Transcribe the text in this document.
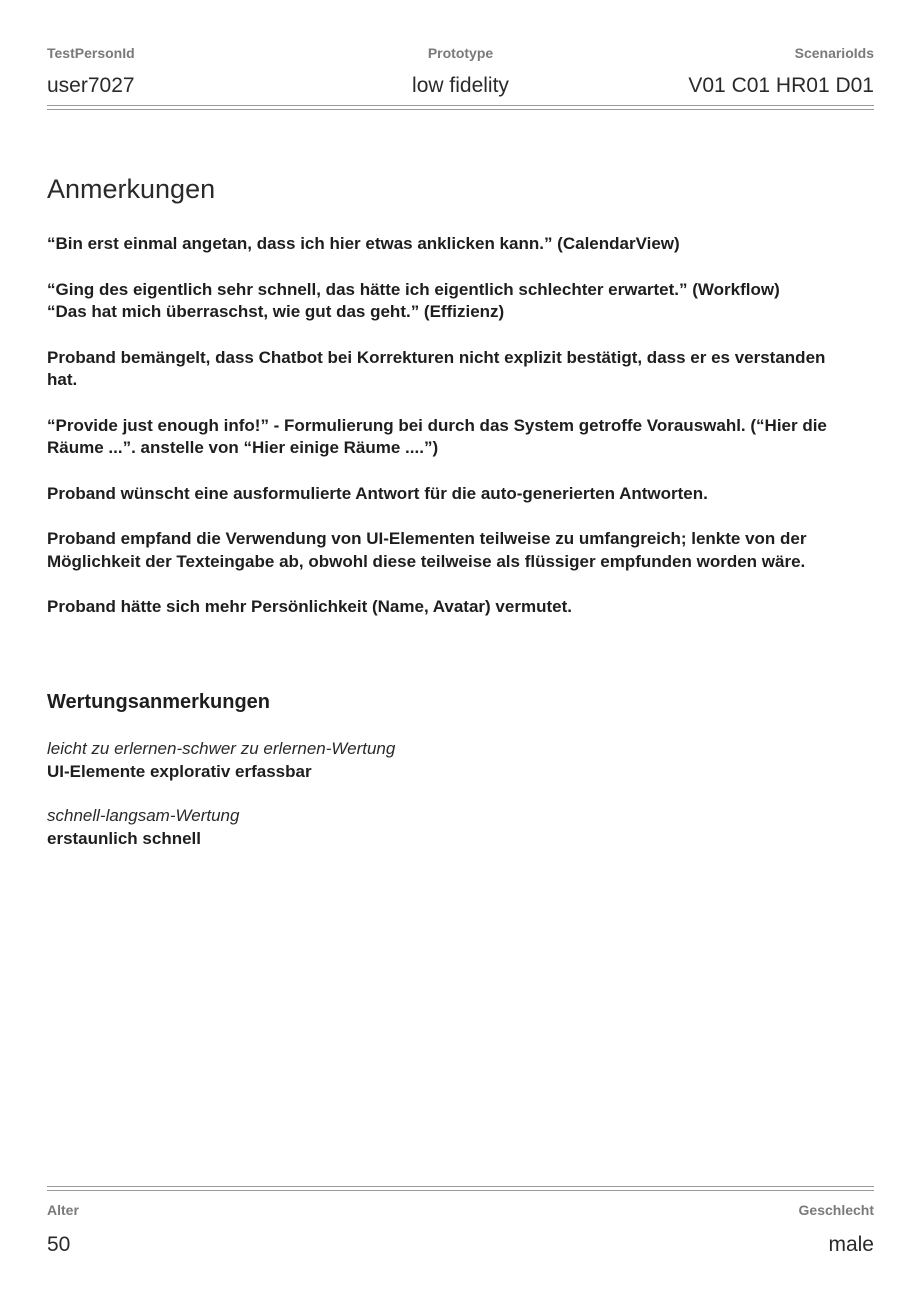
TestPersonId
user7027
Prototype
low fidelity
ScenarioIds
V01 C01 HR01 D01
Anmerkungen

“Bin erst einmal angetan, dass ich hier etwas anklicken kann.” (CalendarView)

“Ging des eigentlich sehr schnell, das hätte ich eigentlich schlechter erwartet.” (Workflow)
“Das hat mich überraschst, wie gut das geht.” (Effizienz)

Proband bemängelt, dass Chatbot bei Korrekturen nicht explizit bestätigt, dass er es verstanden
hat.

“Provide just enough info!” - Formulierung bei durch das System getroffe Vorauswahl. (“Hier die
Räume ...”. anstelle von “Hier einige Räume ....”)

Proband wünscht eine ausformulierte Antwort für die auto-generierten Antworten.

Proband empfand die Verwendung von UI-Elementen teilweise zu umfangreich; lenkte von der
Möglichkeit der Texteingabe ab, obwohl diese teilweise als flüssiger empfunden worden wäre.

Proband hätte sich mehr Persönlichkeit (Name, Avatar) vermutet.

Wertungsanmerkungen
leicht zu erlernen-schwer zu erlernen-Wertung
UI-Elemente explorativ erfassbar
schnell-langsam-Wertung
erstaunlich schnell
Alter
50
Geschlecht
male
